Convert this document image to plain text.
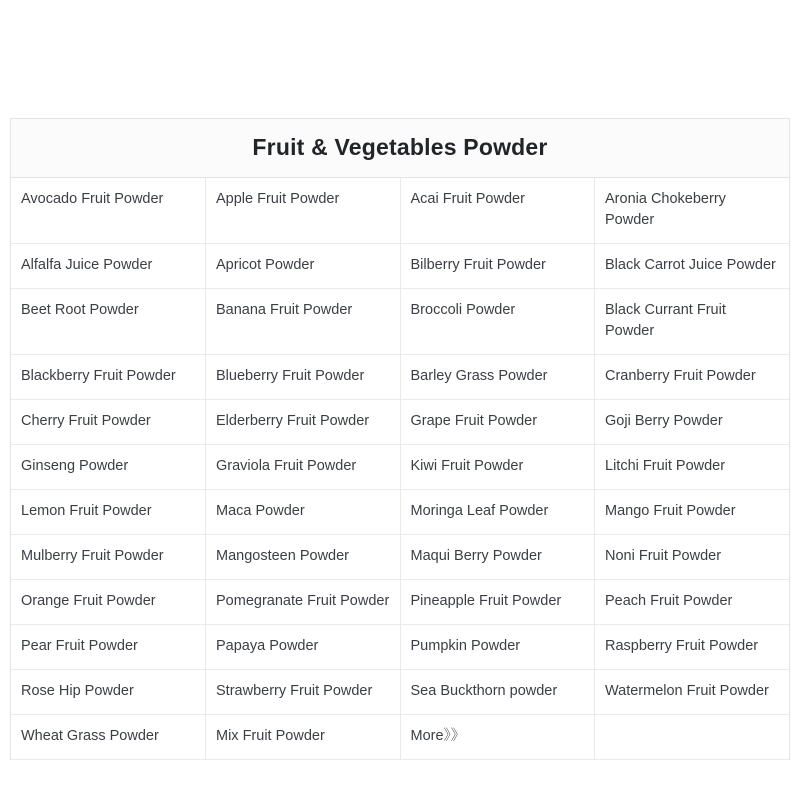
Fruit & Vegetables Powder
Avocado Fruit Powder	Apple Fruit Powder	Acai Fruit Powder	Aronia Chokeberry Powder
Alfalfa Juice Powder	Apricot Powder	Bilberry Fruit Powder	Black Carrot Juice Powder
Beet Root Powder	Banana Fruit Powder	Broccoli Powder	Black Currant Fruit Powder
Blackberry Fruit Powder	Blueberry Fruit Powder	Barley Grass Powder	Cranberry Fruit Powder
Cherry Fruit Powder	Elderberry Fruit Powder	Grape Fruit Powder	Goji Berry Powder
Ginseng Powder	Graviola Fruit Powder	Kiwi Fruit Powder	Litchi Fruit Powder
Lemon Fruit Powder	Maca Powder	Moringa Leaf Powder	Mango Fruit Powder
Mulberry Fruit Powder	Mangosteen Powder	Maqui Berry Powder	Noni Fruit Powder
Orange Fruit Powder	Pomegranate Fruit Powder	Pineapple Fruit Powder	Peach Fruit Powder
Pear Fruit Powder	Papaya Powder	Pumpkin Powder	Raspberry Fruit Powder
Rose Hip Powder	Strawberry Fruit Powder	Sea Buckthorn powder	Watermelon Fruit Powder
Wheat Grass Powder	Mix Fruit Powder	More》》	
